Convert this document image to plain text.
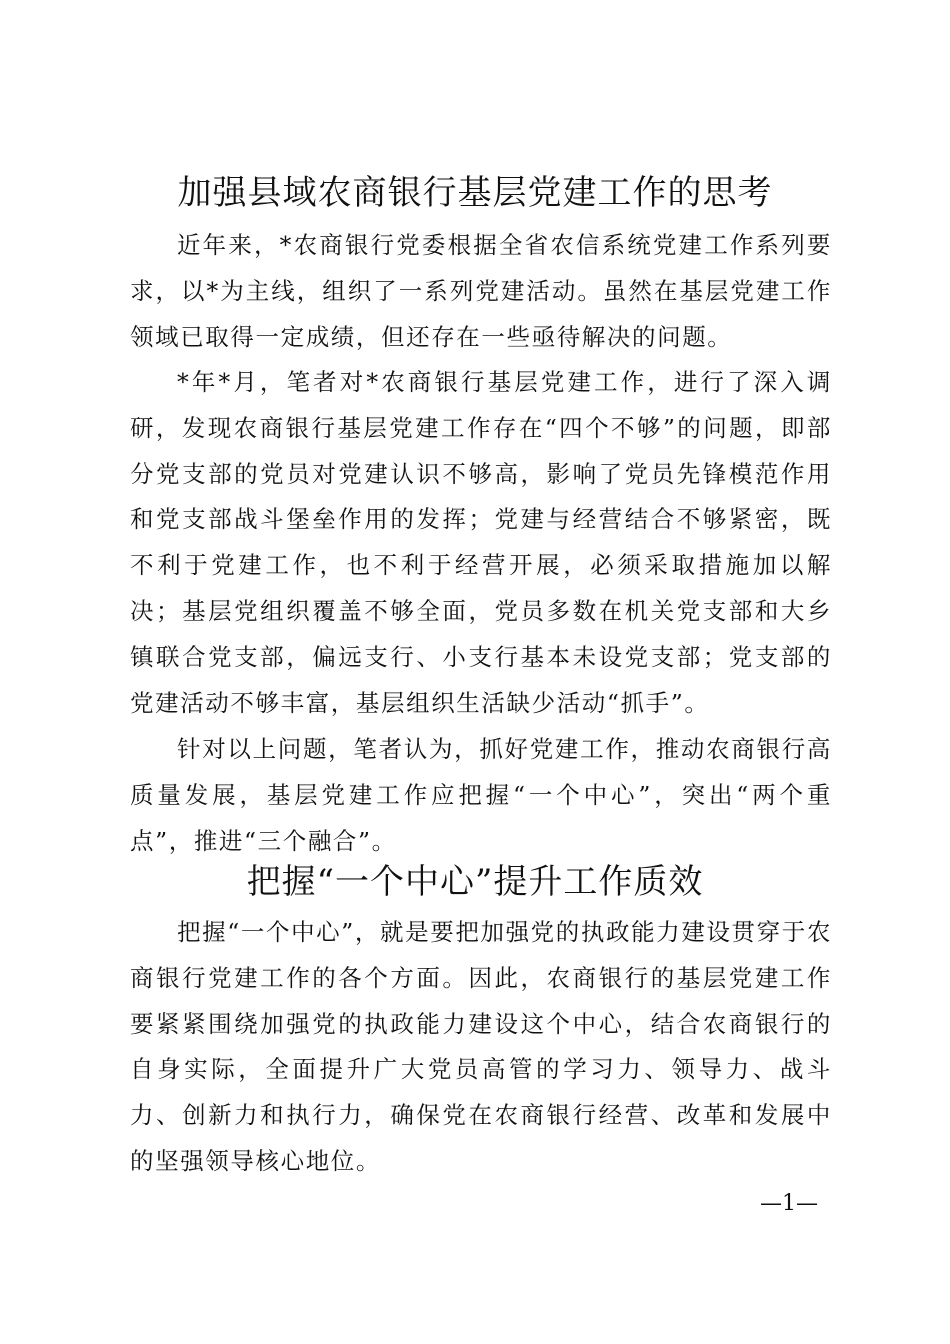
加强县域农商银行基层党建工作的思考

近年来，*农商银行党委根据全省农信系统党建工作系列要求，以*为主线，组织了一系列党建活动。虽然在基层党建工作领域已取得一定成绩，但还存在一些亟待解决的问题。

*年*月，笔者对*农商银行基层党建工作，进行了深入调研，发现农商银行基层党建工作存在“四个不够”的问题，即部分党支部的党员对党建认识不够高，影响了党员先锋模范作用和党支部战斗堡垒作用的发挥；党建与经营结合不够紧密，既不利于党建工作，也不利于经营开展，必须采取措施加以解决；基层党组织覆盖不够全面，党员多数在机关党支部和大乡镇联合党支部，偏远支行、小支行基本未设党支部；党支部的党建活动不够丰富，基层组织生活缺少活动“抓手”。

针对以上问题，笔者认为，抓好党建工作，推动农商银行高质量发展，基层党建工作应把握“一个中心”，突出“两个重点”，推进“三个融合”。

把握“一个中心”提升工作质效

把握“一个中心”，就是要把加强党的执政能力建设贯穿于农商银行党建工作的各个方面。因此，农商银行的基层党建工作要紧紧围绕加强党的执政能力建设这个中心，结合农商银行的自身实际，全面提升广大党员高管的学习力、领导力、战斗力、创新力和执行力，确保党在农商银行经营、改革和发展中的坚强领导核心地位。

—1—
